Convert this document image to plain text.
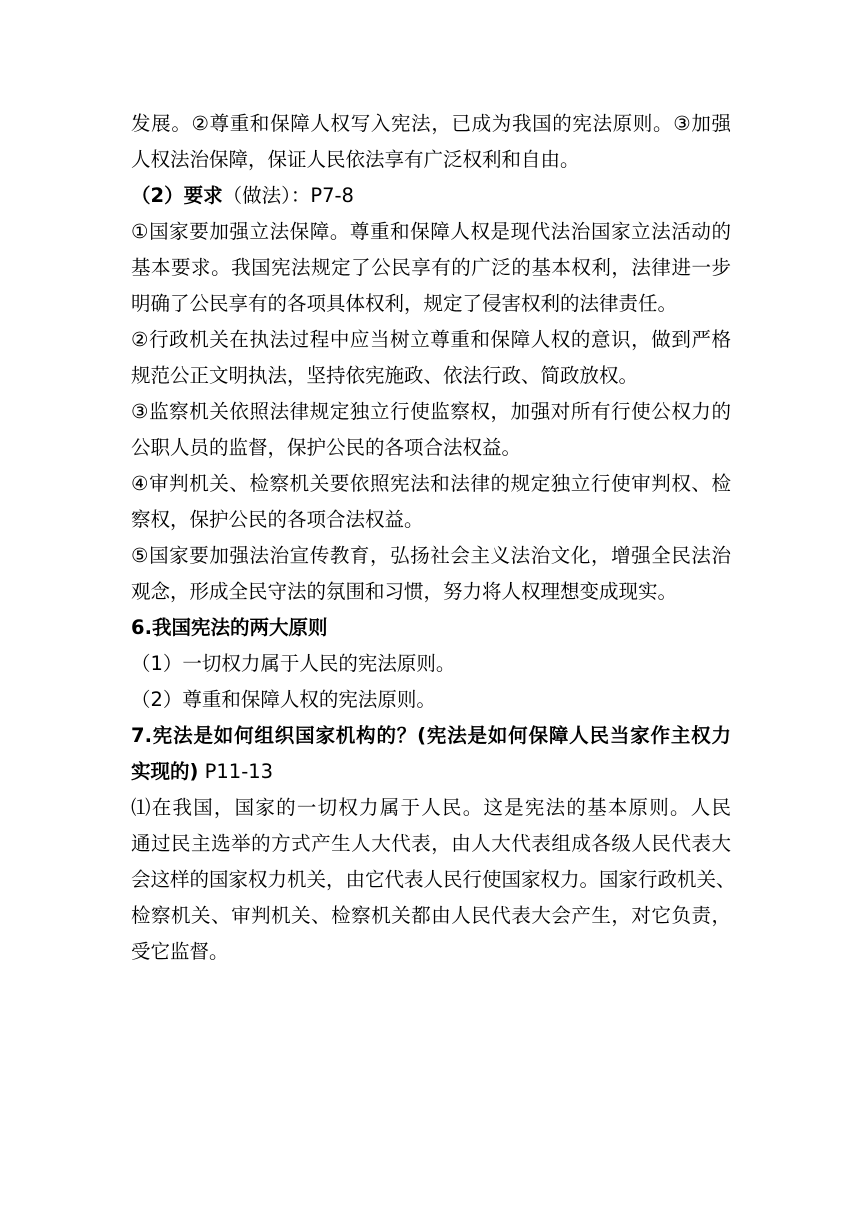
发展。②尊重和保障人权写入宪法，已成为我国的宪法原则。③加强
人权法治保障，保证人民依法享有广泛权利和自由。
（2）要求（做法）：P7-8
①国家要加强立法保障。尊重和保障人权是现代法治国家立法活动的
基本要求。我国宪法规定了公民享有的广泛的基本权利，法律进一步
明确了公民享有的各项具体权利，规定了侵害权利的法律责任。
②行政机关在执法过程中应当树立尊重和保障人权的意识，做到严格
规范公正文明执法，坚持依宪施政、依法行政、简政放权。
③监察机关依照法律规定独立行使监察权，加强对所有行使公权力的
公职人员的监督，保护公民的各项合法权益。
④审判机关、检察机关要依照宪法和法律的规定独立行使审判权、检
察权，保护公民的各项合法权益。
⑤国家要加强法治宣传教育，弘扬社会主义法治文化，增强全民法治
观念，形成全民守法的氛围和习惯，努力将人权理想变成现实。
6.我国宪法的两大原则
（1）一切权力属于人民的宪法原则。
（2）尊重和保障人权的宪法原则。
7.宪法是如何组织国家机构的？(宪法是如何保障人民当家作主权力
实现的) P11-13
⑴在我国，国家的一切权力属于人民。这是宪法的基本原则。人民
通过民主选举的方式产生人大代表，由人大代表组成各级人民代表大
会这样的国家权力机关，由它代表人民行使国家权力。国家行政机关、
检察机关、审判机关、检察机关都由人民代表大会产生，对它负责，
受它监督。
